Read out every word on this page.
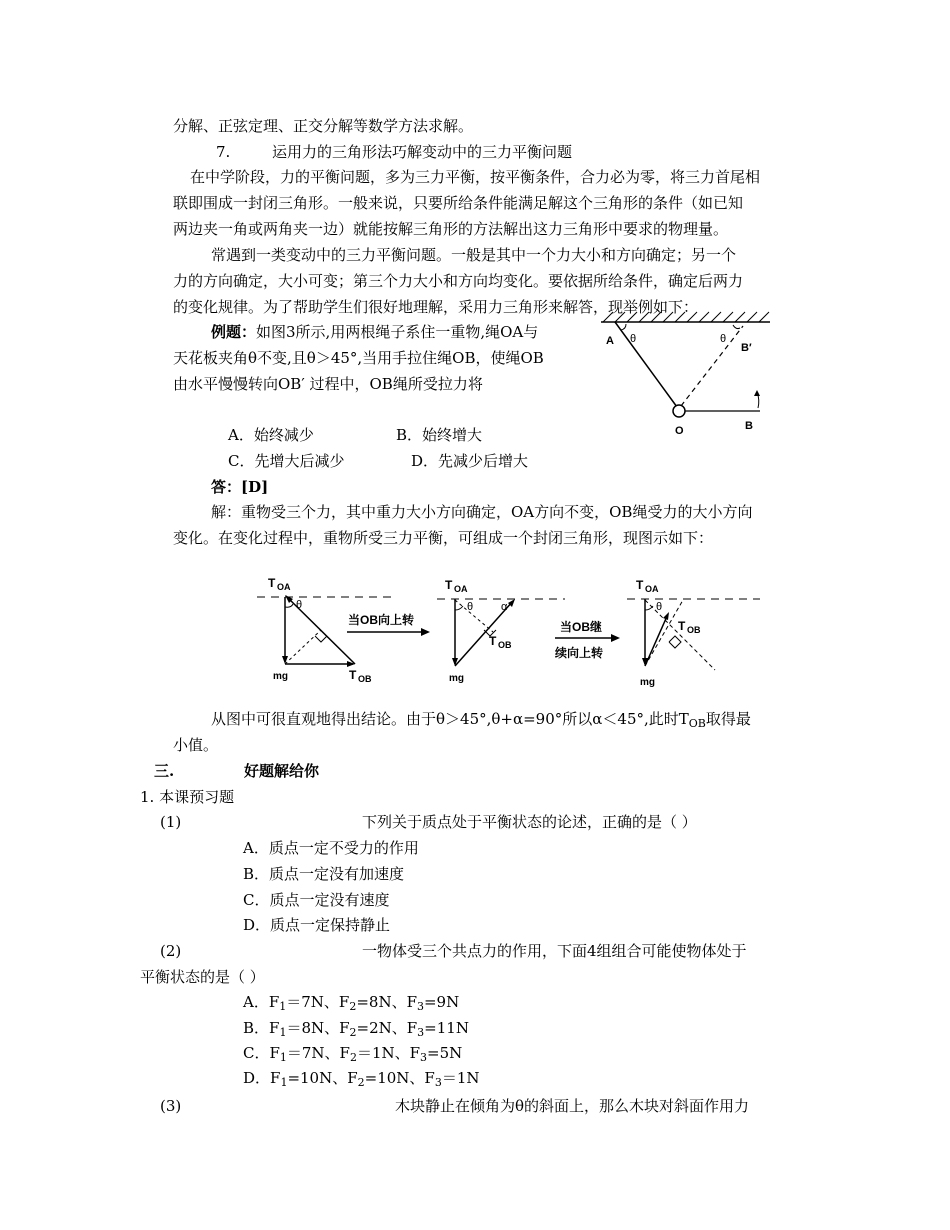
分解、正弦定理、正交分解等数学方法求解。
7.	运用力的三角形法巧解变动中的三力平衡问题
在中学阶段，力的平衡问题，多为三力平衡，按平衡条件，合力必为零，将三力首尾相
联即围成一封闭三角形。一般来说，只要所给条件能满足解这个三角形的条件（如已知
两边夹一角或两角夹一边）就能按解三角形的方法解出这力三角形中要求的物理量。
常遇到一类变动中的三力平衡问题。一般是其中一个力大小和方向确定；另一个
力的方向确定，大小可变；第三个力大小和方向均变化。要依据所给条件，确定后两力
的变化规律。为了帮助学生们很好地理解，采用力三角形来解答，现举例如下：
例题：如图3所示,用两根绳子系住一重物,绳OA与
天花板夹角θ不变,且θ＞45°,当用手拉住绳OB，使绳OB
由水平慢慢转向OB′ 过程中，OB绳所受拉力将
A θ	θ
B′
O	B
A．始终减少	B．始终增大
C．先增大后减少	D．先减少后增大
答：[D]
解：重物受三个力，其中重力大小方向确定，OA方向不变，OB绳受力的大小方向
变化。在变化过程中，重物所受三力平衡，可组成一个封闭三角形，现图示如下：
T OA
θ
mg	T OB
当OB向上转
T OA
θ	α
mg
T OB
当OB继
续向上转
T OA
θ
T OB
mg
从图中可很直观地得出结论。由于θ＞45°,θ+α=90°所以α＜45°,此时$T_{OB}$取得最
小值。
三.	好题解给你
1. 本课预习题
(1)	下列关于质点处于平衡状态的论述，正确的是（ ）
A．质点一定不受力的作用
B．质点一定没有加速度
C．质点一定没有速度
D．质点一定保持静止
(2)	一物体受三个共点力的作用，下面4组组合可能使物体处于
平衡状态的是（ ）
A．$F_1=7N$、$F_2=8N$、$F_3=9N$
B．$F_1=8N$、$F_2=2N$、$F_3=11N$
C．$F_1=7N$、$F_2=1N$、$F_3=5N$
D．$F_1=10N$、$F_2=10N$、$F_3=1N$
(3)	木块静止在倾角为θ的斜面上，那么木块对斜面作用力
